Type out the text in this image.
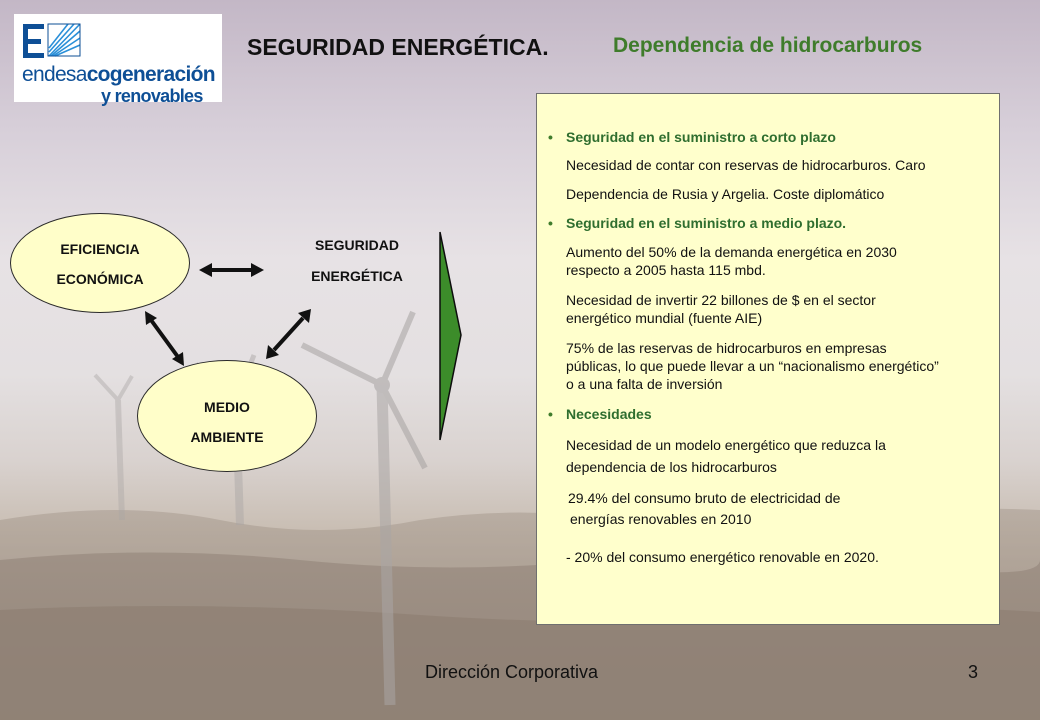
endesacogeneración
y renovables
SEGURIDAD ENERGÉTICA.	Dependencia de hidrocarburos
EFICIENCIA
ECONÓMICA
MEDIO
AMBIENTE
SEGURIDAD
ENERGÉTICA
• Seguridad en el suministro a corto plazo
Necesidad de contar con reservas de hidrocarburos. Caro
Dependencia de Rusia y Argelia. Coste diplomático
• Seguridad en el suministro a medio plazo.
Aumento del 50% de la demanda energética en 2030
respecto a 2005 hasta 115 mbd.
Necesidad de invertir 22 billones de $ en el sector
energético mundial (fuente AIE)
75% de las reservas de hidrocarburos en empresas
públicas, lo que puede llevar a un “nacionalismo energético”
o a una falta de inversión
• Necesidades
Necesidad de un modelo energético que reduzca la
dependencia de los hidrocarburos
29.4% del consumo bruto de electricidad de
energías renovables en 2010
- 20% del consumo energético renovable en 2020.
Dirección Corporativa	3
